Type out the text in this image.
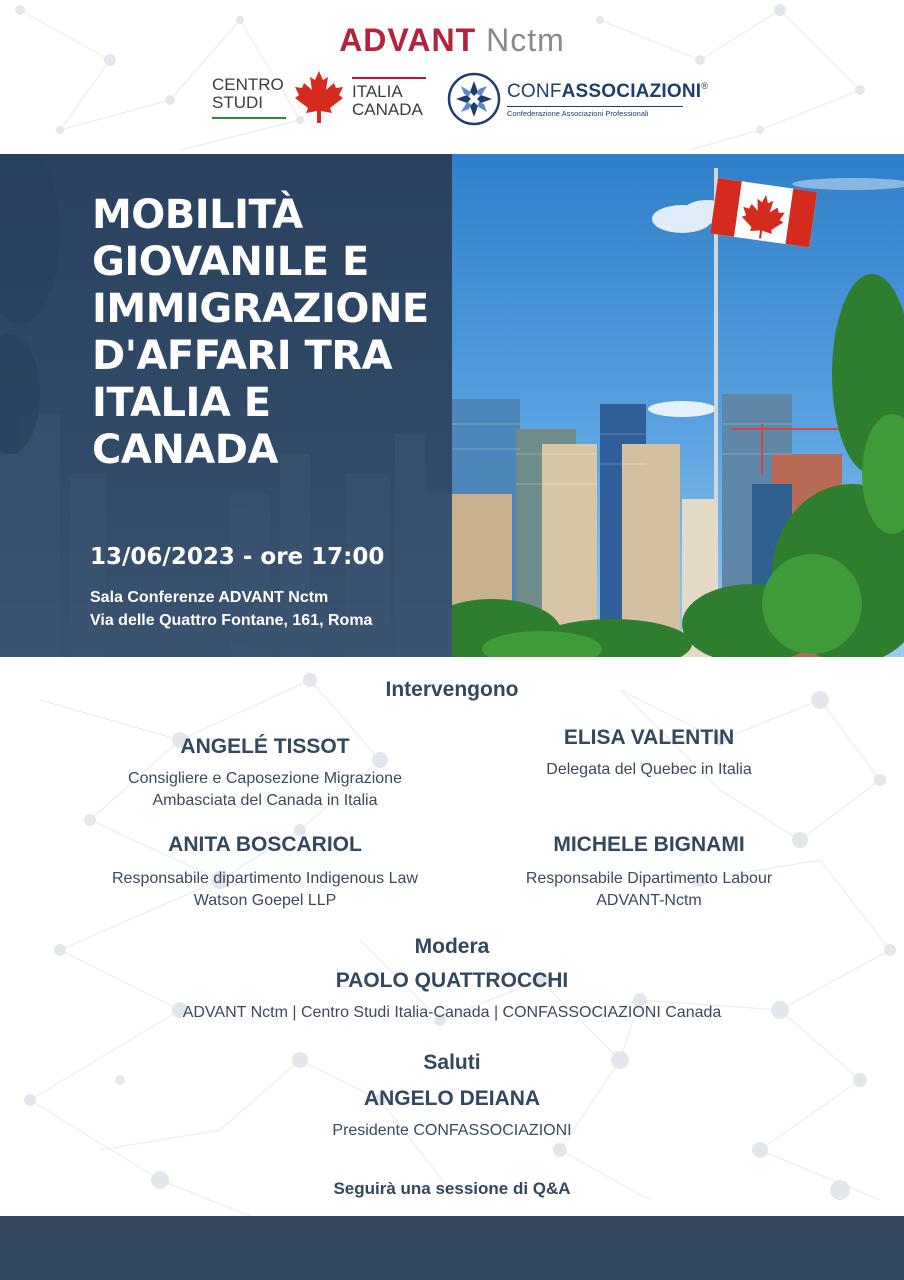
ADVANT Nctm
CENTRO
STUDI
ITALIA
CANADA
CONFASSOCIAZIONI®
Confederazione Associazioni Professionali
MOBILITÀ GIOVANILE E IMMIGRAZIONE D'AFFARI TRA ITALIA E CANADA
13/06/2023 - ore 17:00
Sala Conferenze ADVANT Nctm
Via delle Quattro Fontane, 161, Roma
Intervengono
ANGELÉ TISSOT
Consigliere e Caposezione Migrazione
Ambasciata del Canada in Italia
ELISA VALENTIN
Delegata del Quebec in Italia
ANITA BOSCARIOL
Responsabile dipartimento Indigenous Law
Watson Goepel LLP
MICHELE BIGNAMI
Responsabile Dipartimento Labour
ADVANT-Nctm
Modera
PAOLO QUATTROCCHI
ADVANT Nctm | Centro Studi Italia-Canada | CONFASSOCIAZIONI Canada
Saluti
ANGELO DEIANA
Presidente CONFASSOCIAZIONI
Seguirà una sessione di Q&A
